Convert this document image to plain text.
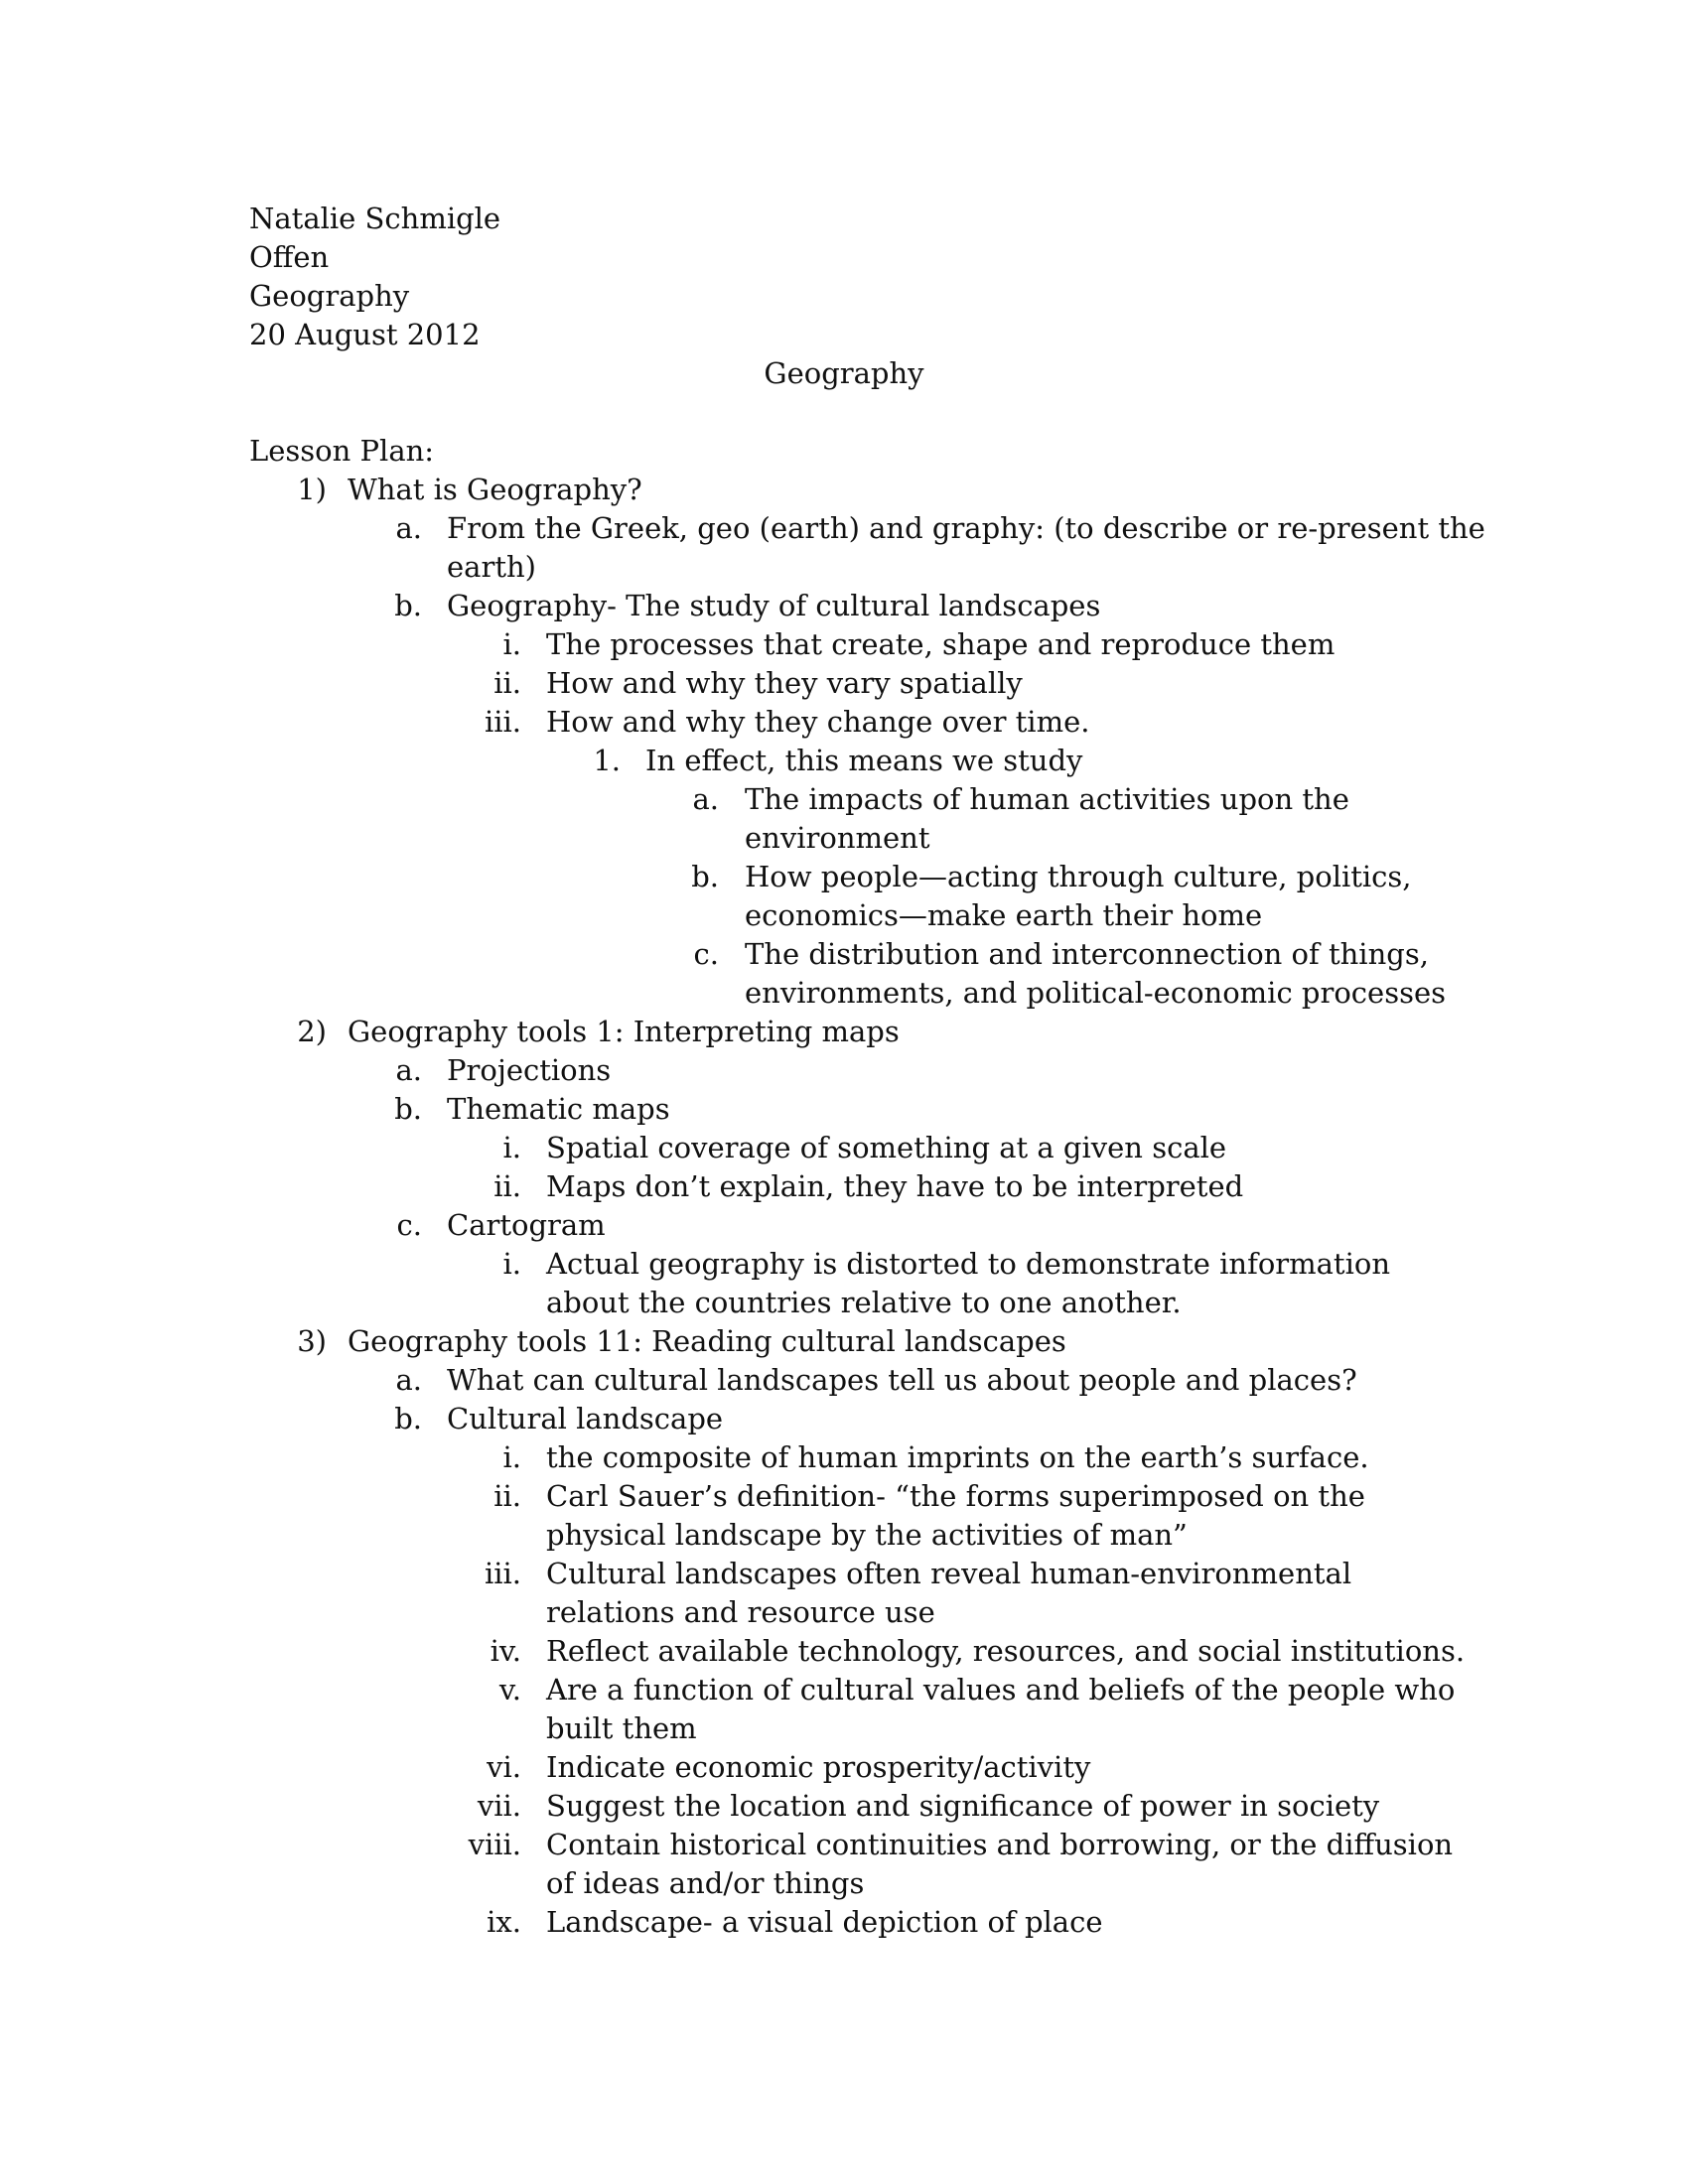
Natalie Schmigle
Offen
Geography
20 August 2012
Geography
Lesson Plan:
1) What is Geography?
a. From the Greek, geo (earth) and graphy: (to describe or re-present the
earth)
b. Geography- The study of cultural landscapes
i. The processes that create, shape and reproduce them
ii. How and why they vary spatially
iii. How and why they change over time.
1. In effect, this means we study
a. The impacts of human activities upon the
environment
b. How people—acting through culture, politics,
economics—make earth their home
c. The distribution and interconnection of things,
environments, and political-economic processes
2) Geography tools 1: Interpreting maps
a. Projections
b. Thematic maps
i. Spatial coverage of something at a given scale
ii. Maps don’t explain, they have to be interpreted
c. Cartogram
i. Actual geography is distorted to demonstrate information
about the countries relative to one another.
3) Geography tools 11: Reading cultural landscapes
a. What can cultural landscapes tell us about people and places?
b. Cultural landscape
i. the composite of human imprints on the earth’s surface.
ii. Carl Sauer’s definition- “the forms superimposed on the
physical landscape by the activities of man”
iii. Cultural landscapes often reveal human-environmental
relations and resource use
iv. Reflect available technology, resources, and social institutions.
v. Are a function of cultural values and beliefs of the people who
built them
vi. Indicate economic prosperity/activity
vii. Suggest the location and significance of power in society
viii. Contain historical continuities and borrowing, or the diffusion
of ideas and/or things
ix. Landscape- a visual depiction of place
